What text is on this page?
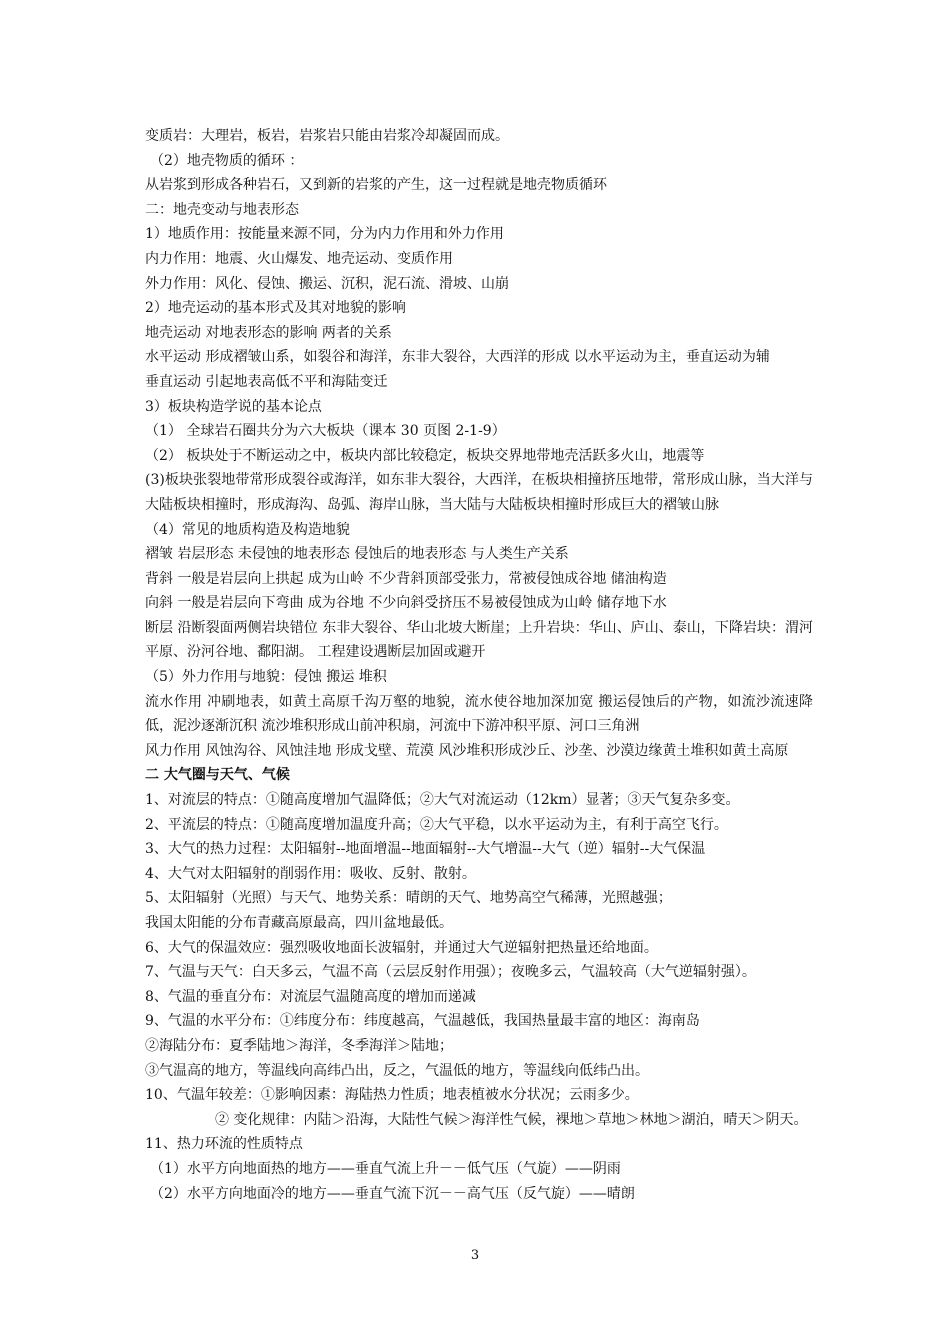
变质岩：大理岩，板岩，岩浆岩只能由岩浆冷却凝固而成。
（2）地壳物质的循环 ：
从岩浆到形成各种岩石，又到新的岩浆的产生，这一过程就是地壳物质循环
二：地壳变动与地表形态
1）地质作用：按能量来源不同，分为内力作用和外力作用
内力作用：地震、火山爆发、地壳运动、变质作用
外力作用：风化、侵蚀、搬运、沉积，泥石流、滑坡、山崩
2）地壳运动的基本形式及其对地貌的影响
地壳运动 对地表形态的影响 两者的关系
水平运动 形成褶皱山系，如裂谷和海洋，东非大裂谷，大西洋的形成 以水平运动为主，垂直运动为辅
垂直运动 引起地表高低不平和海陆变迁
3）板块构造学说的基本论点
（1） 全球岩石圈共分为六大板块（课本 30 页图 2-1-9）
（2） 板块处于不断运动之中，板块内部比较稳定，板块交界地带地壳活跃多火山，地震等
(3)板块张裂地带常形成裂谷或海洋，如东非大裂谷，大西洋，在板块相撞挤压地带，常形成山脉，当大洋与大陆板块相撞时，形成海沟、岛弧、海岸山脉，当大陆与大陆板块相撞时形成巨大的褶皱山脉
（4）常见的地质构造及构造地貌
褶皱 岩层形态 未侵蚀的地表形态 侵蚀后的地表形态 与人类生产关系
背斜 一般是岩层向上拱起 成为山岭 不少背斜顶部受张力，常被侵蚀成谷地 储油构造
向斜 一般是岩层向下弯曲 成为谷地 不少向斜受挤压不易被侵蚀成为山岭 储存地下水
断层 沿断裂面两侧岩块错位 东非大裂谷、华山北坡大断崖；上升岩块：华山、庐山、泰山，下降岩块：渭河平原、汾河谷地、鄱阳湖。 工程建设遇断层加固或避开
（5）外力作用与地貌：侵蚀 搬运 堆积
流水作用 冲刷地表，如黄土高原千沟万壑的地貌，流水使谷地加深加宽 搬运侵蚀后的产物，如流沙流速降低，泥沙逐渐沉积 流沙堆积形成山前冲积扇，河流中下游冲积平原、河口三角洲
风力作用 风蚀沟谷、风蚀洼地 形成戈壁、荒漠 风沙堆积形成沙丘、沙垄、沙漠边缘黄土堆积如黄土高原
二 大气圈与天气、气候
1、对流层的特点：①随高度增加气温降低；②大气对流运动（12km）显著；③天气复杂多变。
2、平流层的特点：①随高度增加温度升高；②大气平稳，以水平运动为主，有利于高空飞行。
3、大气的热力过程：太阳辐射--地面增温--地面辐射--大气增温--大气（逆）辐射--大气保温
4、大气对太阳辐射的削弱作用：吸收、反射、散射。
5、太阳辐射（光照）与天气、地势关系：晴朗的天气、地势高空气稀薄，光照越强；
我国太阳能的分布青藏高原最高，四川盆地最低。
6、大气的保温效应：强烈吸收地面长波辐射，并通过大气逆辐射把热量还给地面。
7、气温与天气：白天多云，气温不高（云层反射作用强）；夜晚多云，气温较高（大气逆辐射强）。
8、气温的垂直分布：对流层气温随高度的增加而递减
9、气温的水平分布：①纬度分布：纬度越高，气温越低，我国热量最丰富的地区：海南岛
②海陆分布：夏季陆地＞海洋，冬季海洋＞陆地；
③气温高的地方，等温线向高纬凸出，反之，气温低的地方，等温线向低纬凸出。
10、气温年较差：①影响因素：海陆热力性质；地表植被水分状况；云雨多少。
② 变化规律：内陆＞沿海，大陆性气候＞海洋性气候，裸地＞草地＞林地＞湖泊，晴天＞阴天。
11、热力环流的性质特点
（1）水平方向地面热的地方——垂直气流上升－－低气压（气旋）——阴雨
（2）水平方向地面冷的地方——垂直气流下沉－－高气压（反气旋）——晴朗
3
